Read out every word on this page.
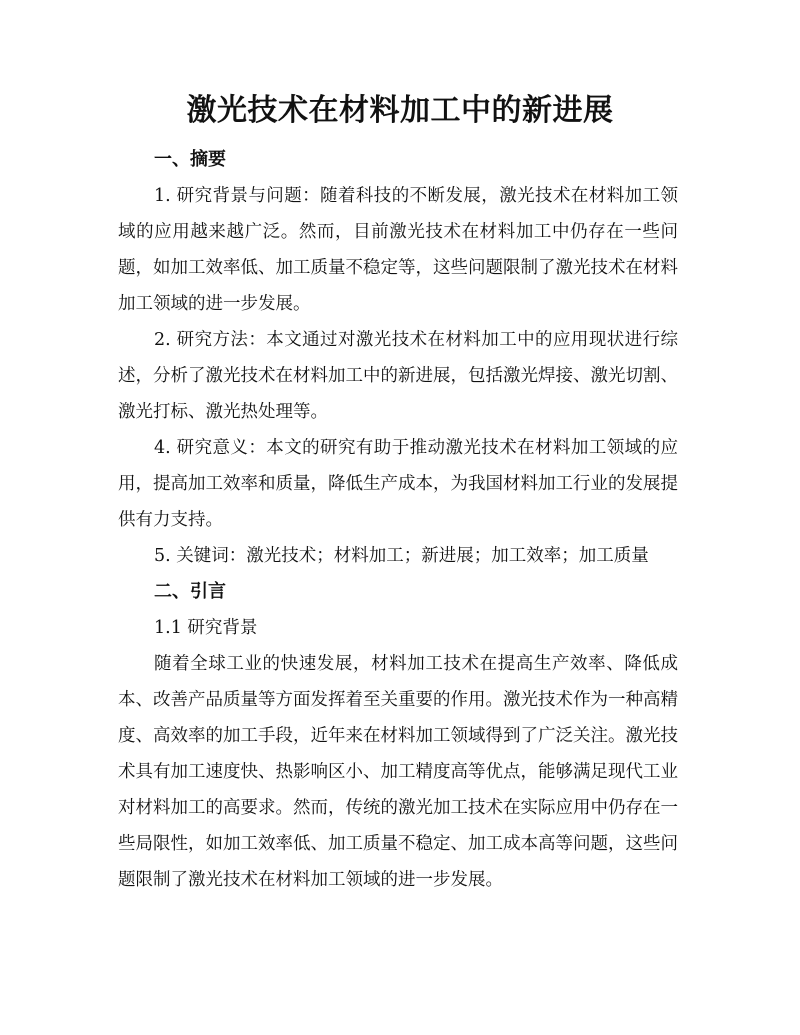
激光技术在材料加工中的新进展

一、摘要

1. 研究背景与问题：随着科技的不断发展，激光技术在材料加工领域的应用越来越广泛。然而，目前激光技术在材料加工中仍存在一些问题，如加工效率低、加工质量不稳定等，这些问题限制了激光技术在材料加工领域的进一步发展。

2. 研究方法：本文通过对激光技术在材料加工中的应用现状进行综述，分析了激光技术在材料加工中的新进展，包括激光焊接、激光切割、激光打标、激光热处理等。

4. 研究意义：本文的研究有助于推动激光技术在材料加工领域的应用，提高加工效率和质量，降低生产成本，为我国材料加工行业的发展提供有力支持。

5. 关键词：激光技术；材料加工；新进展；加工效率；加工质量

二、引言

1.1 研究背景

随着全球工业的快速发展，材料加工技术在提高生产效率、降低成本、改善产品质量等方面发挥着至关重要的作用。激光技术作为一种高精度、高效率的加工手段，近年来在材料加工领域得到了广泛关注。激光技术具有加工速度快、热影响区小、加工精度高等优点，能够满足现代工业对材料加工的高要求。然而，传统的激光加工技术在实际应用中仍存在一些局限性，如加工效率低、加工质量不稳定、加工成本高等问题，这些问题限制了激光技术在材料加工领域的进一步发展。
